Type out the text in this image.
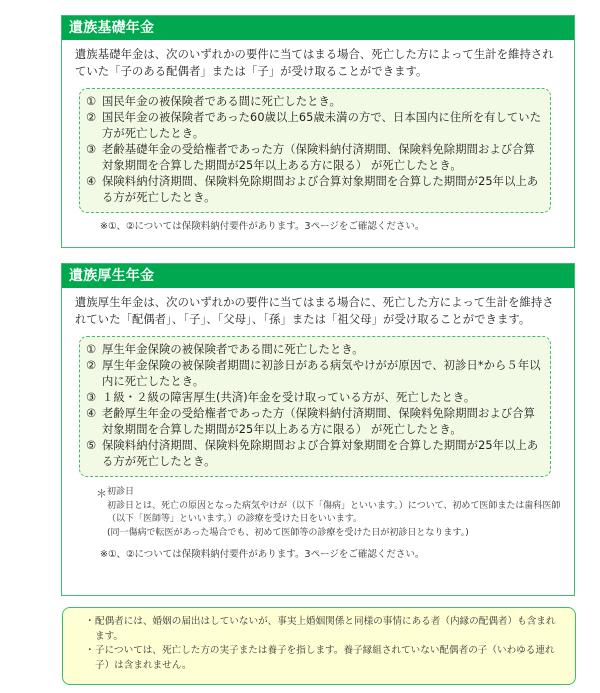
遺族基礎年金
遺族基礎年金は、次のいずれかの要件に当てはまる場合、死亡した方によって生計を維持されていた「子のある配偶者」または「子」が受け取ることができます。
① 国民年金の被保険者である間に死亡したとき。
② 国民年金の被保険者であった60歳以上65歳未満の方で、日本国内に住所を有していた方が死亡したとき。
③ 老齢基礎年金の受給権者であった方（保険料納付済期間、保険料免除期間および合算対象期間を合算した期間が25年以上ある方に限る） が死亡したとき。
④ 保険料納付済期間、保険料免除期間および合算対象期間を合算した期間が25年以上ある方が死亡したとき。
※①、②については保険料納付要件があります。3ページをご確認ください。
遺族厚生年金
遺族厚生年金は、次のいずれかの要件に当てはまる場合に、死亡した方によって生計を維持されていた「配偶者」、「子」、「父母」、「孫」または「祖父母」が受け取ることができます。
① 厚生年金保険の被保険者である間に死亡したとき。
② 厚生年金保険の被保険者期間に初診日がある病気やけがが原因で、初診日*から５年以内に死亡したとき。
③ １級・２級の障害厚生(共済)年金を受け取っている方が、死亡したとき。
④ 老齢厚生年金の受給権者であった方（保険料納付済期間、保険料免除期間および合算対象期間を合算した期間が25年以上ある方に限る） が死亡したとき。
⑤ 保険料納付済期間、保険料免除期間および合算対象期間を合算した期間が25年以上ある方が死亡したとき。
＊ 初診日
初診日とは、死亡の原因となった病気やけが（以下「傷病」といいます。）について、初めて医師または歯科医師（以下「医師等」といいます。）の診療を受けた日をいいます。
(同一傷病で転医があった場合でも、初めて医師等の診療を受けた日が初診日となります。)
※①、②については保険料納付要件があります。3ページをご確認ください。
・ 配偶者には、婚姻の届出はしていないが、事実上婚姻関係と同様の事情にある者（内縁の配偶者）も含まれます。
・ 子については、死亡した方の実子または養子を指します。養子縁組されていない配偶者の子（いわゆる連れ子）は含まれません。
